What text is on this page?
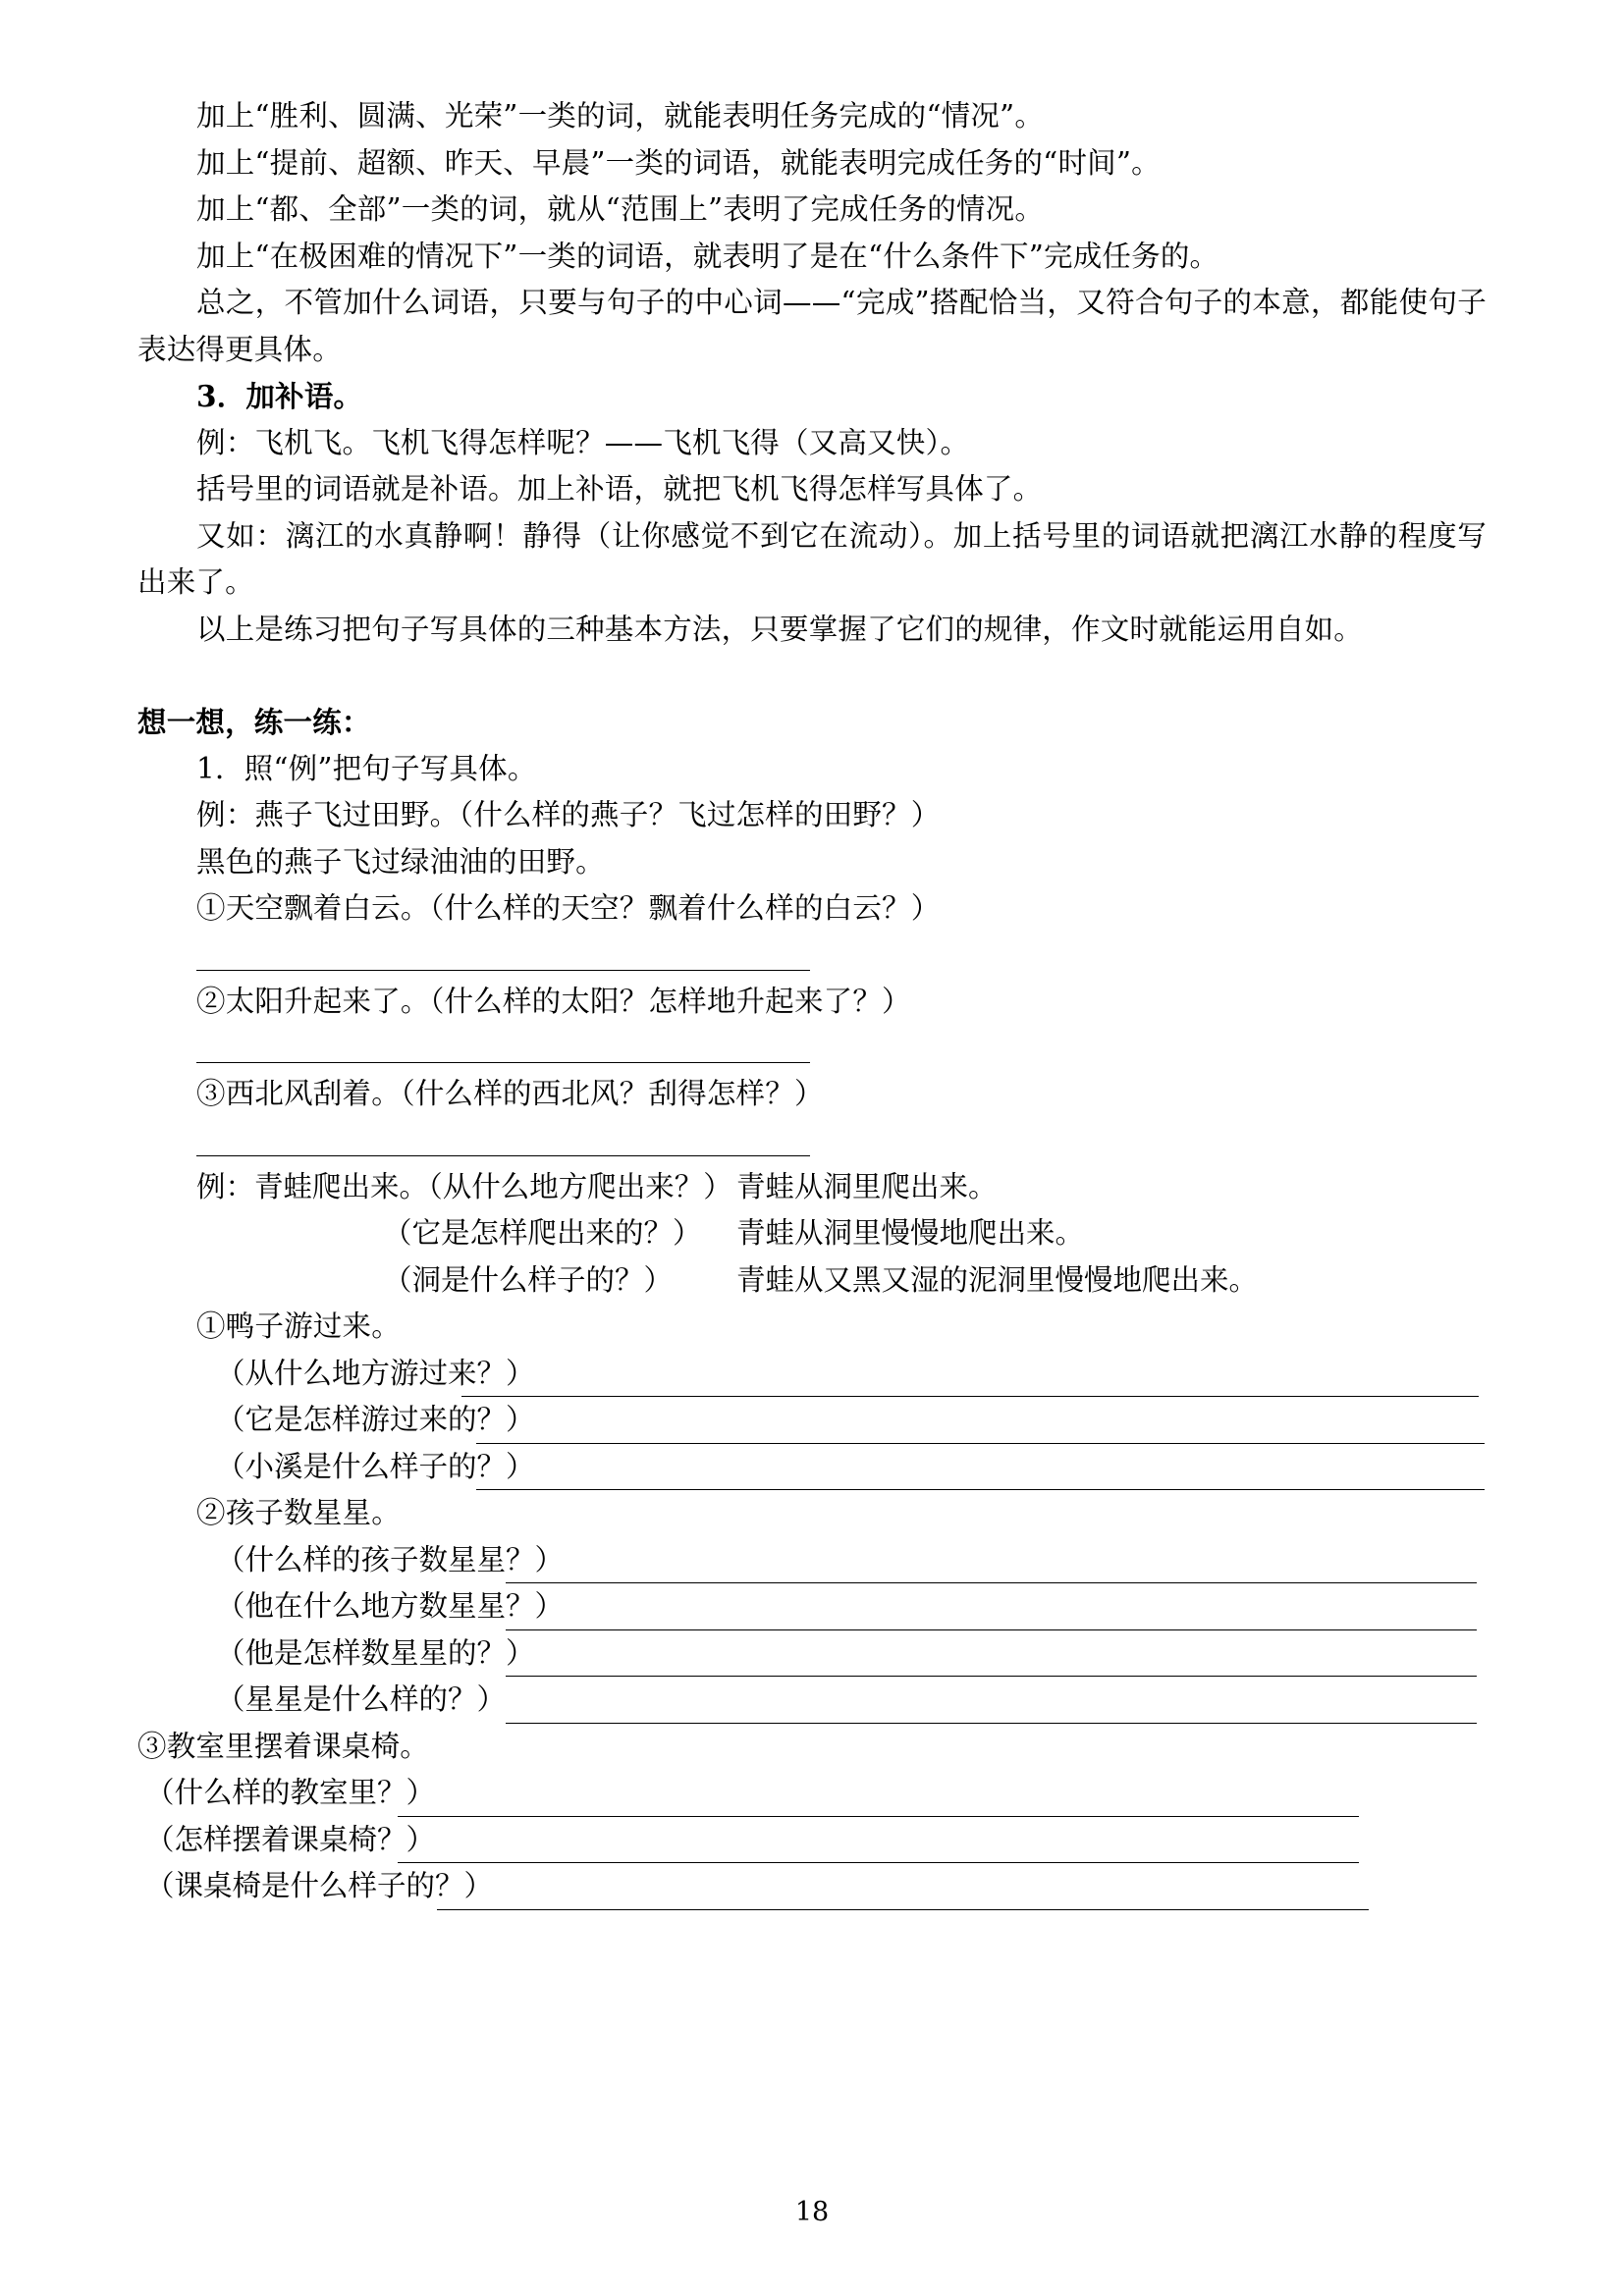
加上“胜利、圆满、光荣”一类的词，就能表明任务完成的“情况”。

加上“提前、超额、昨天、早晨”一类的词语，就能表明完成任务的“时间”。

加上“都、全部”一类的词，就从“范围上”表明了完成任务的情况。

加上“在极困难的情况下”一类的词语，就表明了是在“什么条件下”完成任务的。

总之，不管加什么词语，只要与句子的中心词——“完成”搭配恰当，又符合句子的本意，都能使句子表达得更具体。

3．加补语。

例：飞机飞。飞机飞得怎样呢？——飞机飞得（又高又快）。

括号里的词语就是补语。加上补语，就把飞机飞得怎样写具体了。

又如：漓江的水真静啊！静得（让你感觉不到它在流动）。加上括号里的词语就把漓江水静的程度写出来了。

以上是练习把句子写具体的三种基本方法，只要掌握了它们的规律，作文时就能运用自如。

想一想，练一练：

1．照“例”把句子写具体。

例：燕子飞过田野。（什么样的燕子？飞过怎样的田野？）

黑色的燕子飞过绿油油的田野。

①天空飘着白云。（什么样的天空？飘着什么样的白云？）

②太阳升起来了。（什么样的太阳？怎样地升起来了？）

③西北风刮着。（什么样的西北风？刮得怎样？）

例：青蛙爬出来。（从什么地方爬出来？） 青蛙从洞里爬出来。
（它是怎样爬出来的？）	青蛙从洞里慢慢地爬出来。
（洞是什么样子的？）	青蛙从又黑又湿的泥洞里慢慢地爬出来。

①鸭子游过来。

（从什么地方游过来？）
（它是怎样游过来的？）
（小溪是什么样子的？）

②孩子数星星。

（什么样的孩子数星星？）
（他在什么地方数星星？）
（他是怎样数星星的？）
（星星是什么样的？）

③教室里摆着课桌椅。

（什么样的教室里？）
（怎样摆着课桌椅？）
（课桌椅是什么样子的？）
18
